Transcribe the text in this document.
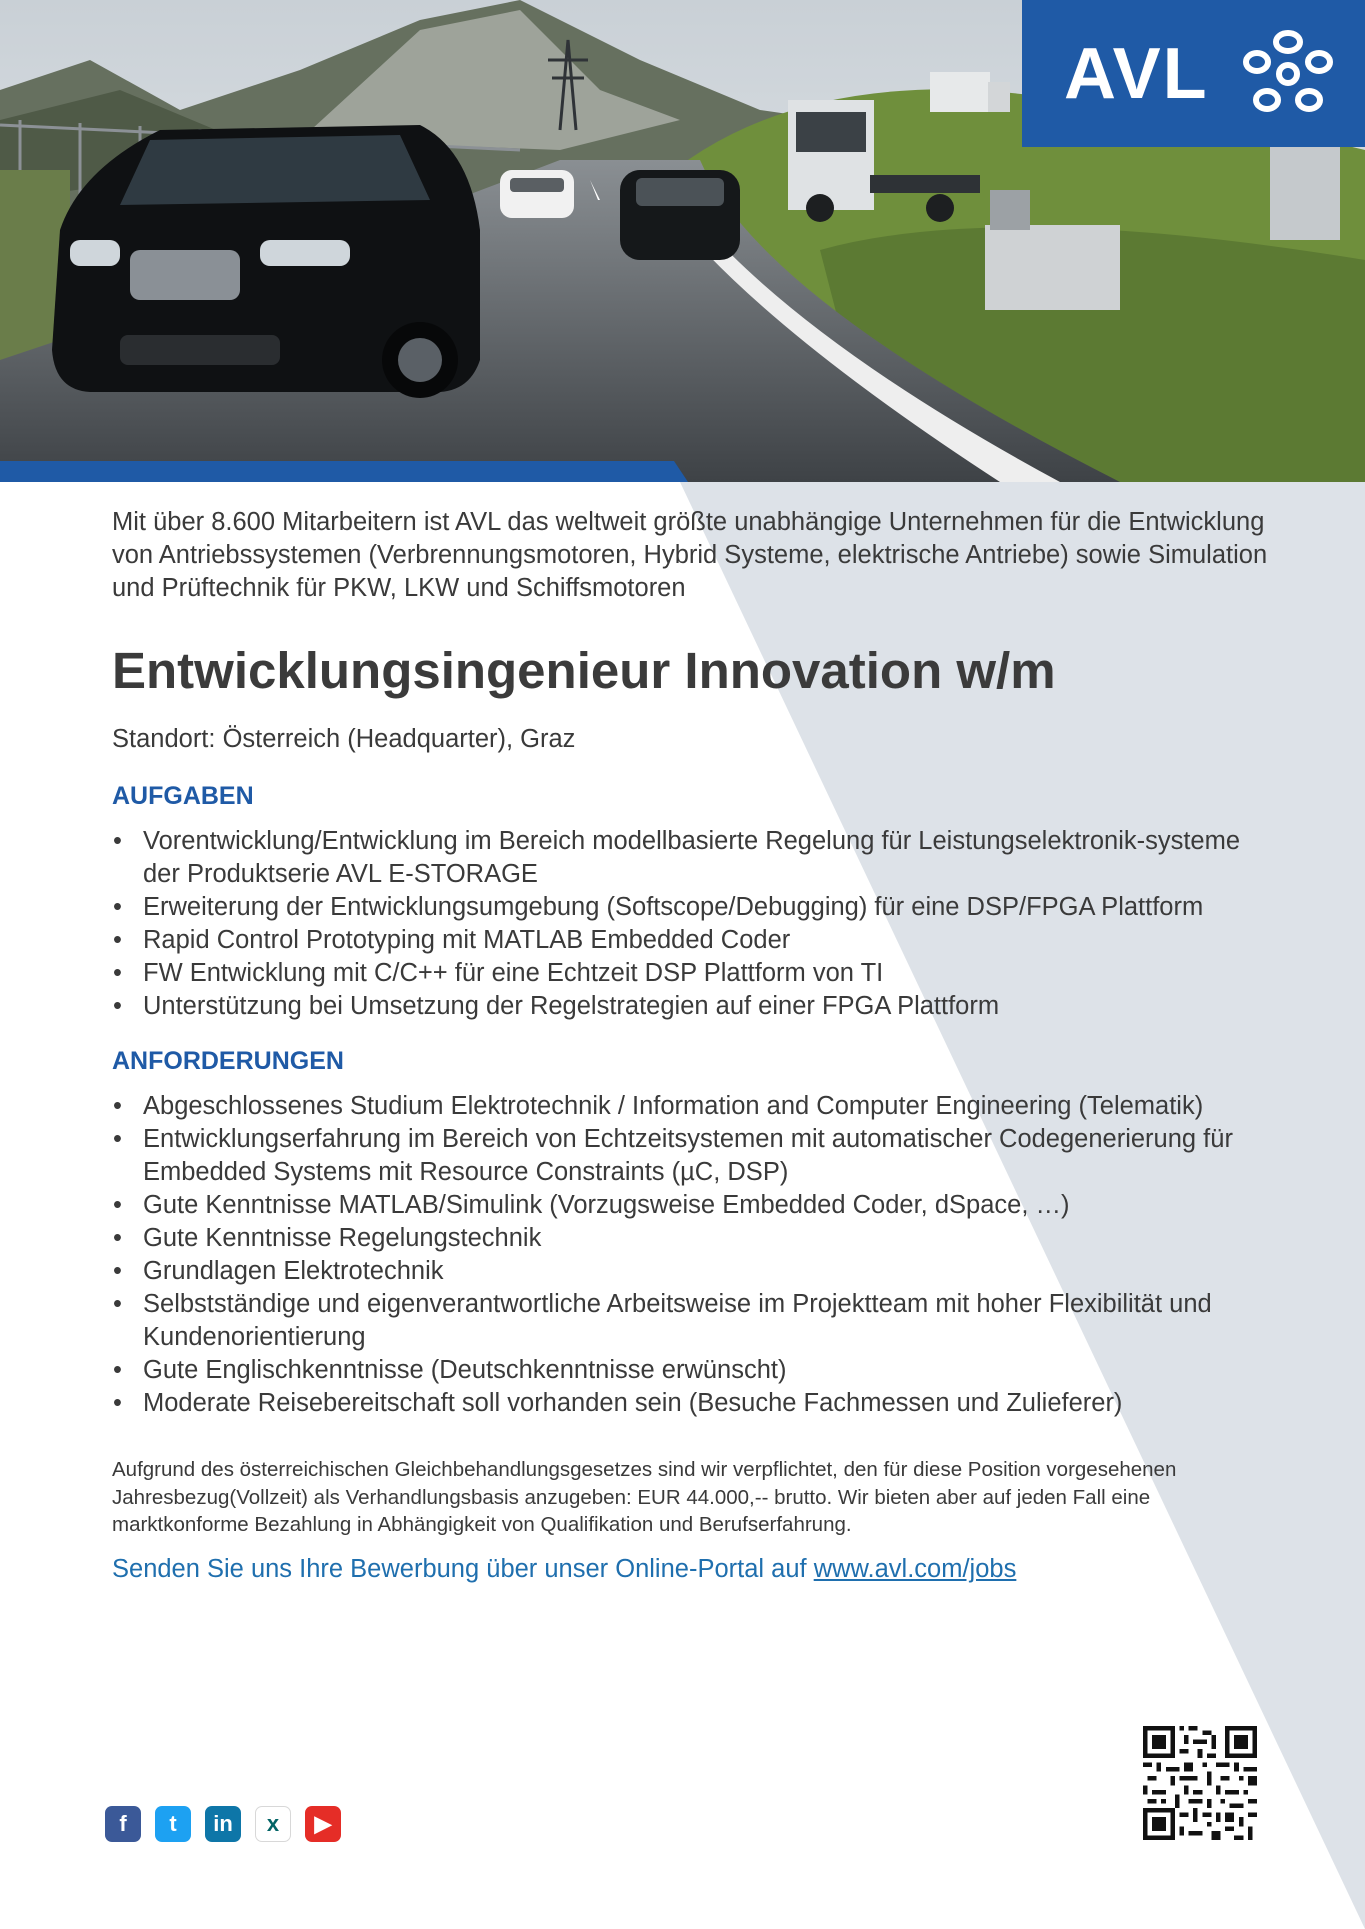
AVL

Mit über 8.600 Mitarbeitern ist AVL das weltweit größte unabhängige Unternehmen für die Entwicklung von Antriebssystemen (Verbrennungsmotoren, Hybrid Systeme, elektrische Antriebe) sowie Simulation und Prüftechnik für PKW, LKW und Schiffsmotoren

Entwicklungsingenieur Innovation w/m

Standort: Österreich (Headquarter), Graz

AUFGABEN
• Vorentwicklung/Entwicklung im Bereich modellbasierte Regelung für Leistungselektronik-systeme der Produktserie AVL E-STORAGE
• Erweiterung der Entwicklungsumgebung (Softscope/Debugging) für eine DSP/FPGA Plattform
• Rapid Control Prototyping mit MATLAB Embedded Coder
• FW Entwicklung mit C/C++ für eine Echtzeit DSP Plattform von TI
• Unterstützung bei Umsetzung der Regelstrategien auf einer FPGA Plattform
ANFORDERUNGEN
• Abgeschlossenes Studium Elektrotechnik / Information and Computer Engineering (Telematik)
• Entwicklungserfahrung im Bereich von Echtzeitsystemen mit automatischer Codegenerierung für Embedded Systems mit Resource Constraints (µC, DSP)
• Gute Kenntnisse MATLAB/Simulink (Vorzugsweise Embedded Coder, dSpace, …)
• Gute Kenntnisse Regelungstechnik
• Grundlagen Elektrotechnik
• Selbstständige und eigenverantwortliche Arbeitsweise im Projektteam mit hoher Flexibilität und Kundenorientierung
• Gute Englischkenntnisse (Deutschkenntnisse erwünscht)
• Moderate Reisebereitschaft soll vorhanden sein (Besuche Fachmessen und Zulieferer)

Aufgrund des österreichischen Gleichbehandlungsgesetzes sind wir verpflichtet, den für diese Position vorgesehenen Jahresbezug(Vollzeit) als Verhandlungsbasis anzugeben: EUR 44.000,-- brutto. Wir bieten aber auf jeden Fall eine marktkonforme Bezahlung in Abhängigkeit von Qualifikation und Berufserfahrung.

Senden Sie uns Ihre Bewerbung über unser Online-Portal auf www.avl.com/jobs

f	t	in	x	▶
